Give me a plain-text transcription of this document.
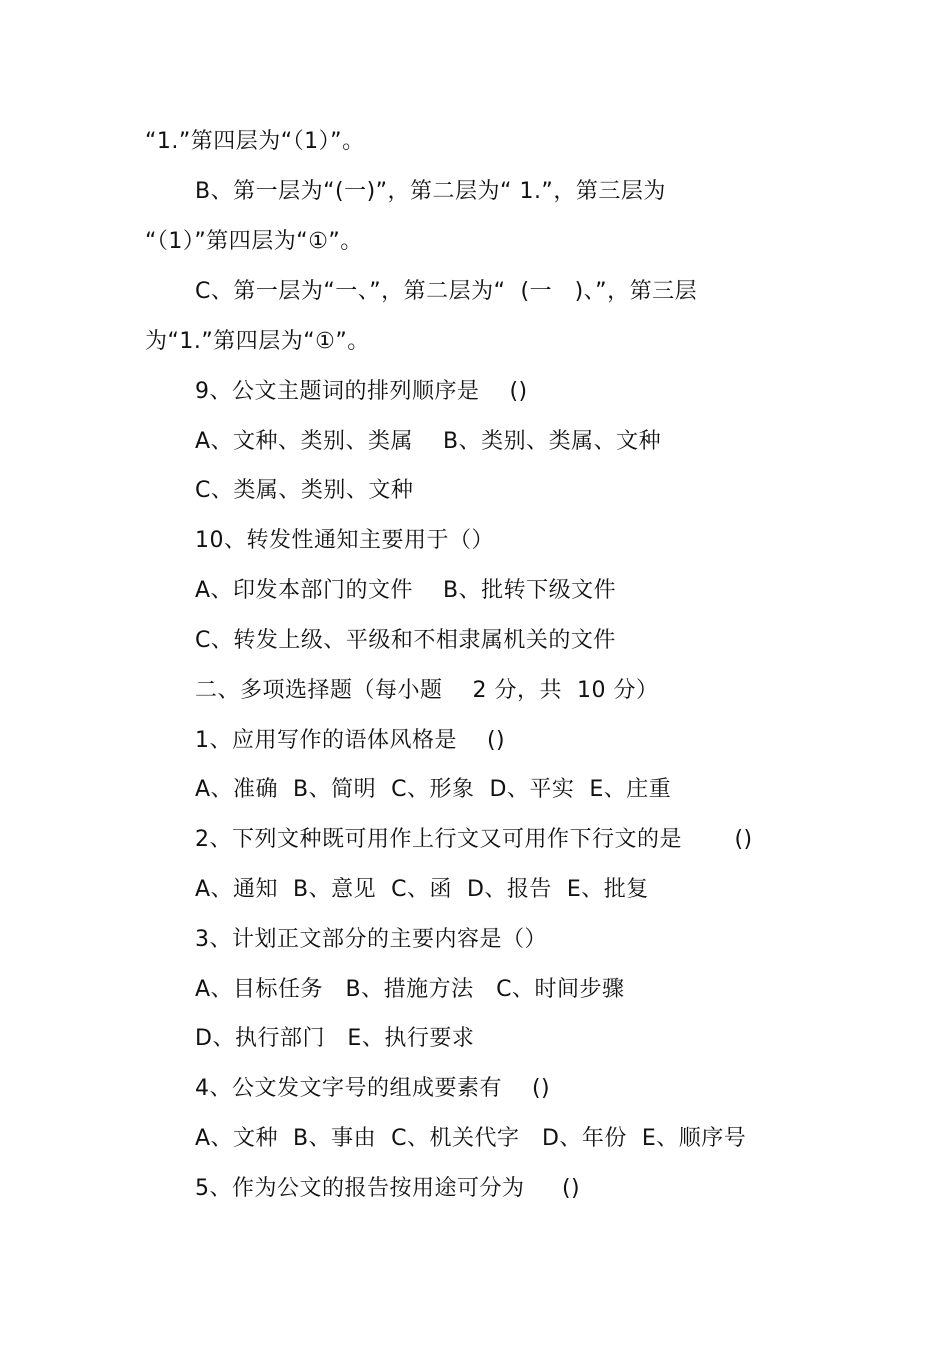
“1.”第四层为“（1）”。
B、第一层为“(一)”，第二层为“ 1.”，第三层为
“（1）”第四层为“①”。
C、第一层为“一、”，第二层为“  (一   )、”，第三层
为“1.”第四层为“①”。
9、公文主题词的排列顺序是    ()
A、文种、类别、类属    B、类别、类属、文种
C、类属、类别、文种
10、转发性通知主要用于（）
A、印发本部门的文件    B、批转下级文件
C、转发上级、平级和不相隶属机关的文件
二、多项选择题（每小题    2 分，共  10 分）
1、应用写作的语体风格是    ()
A、准确  B、简明  C、形象  D、平实  E、庄重
2、下列文种既可用作上行文又可用作下行文的是       ()
A、通知  B、意见  C、函  D、报告  E、批复
3、计划正文部分的主要内容是（）
A、目标任务   B、措施方法   C、时间步骤
D、执行部门   E、执行要求
4、公文发文字号的组成要素有    ()
A、文种  B、事由  C、机关代字   D、年份  E、顺序号
5、作为公文的报告按用途可分为     ()
